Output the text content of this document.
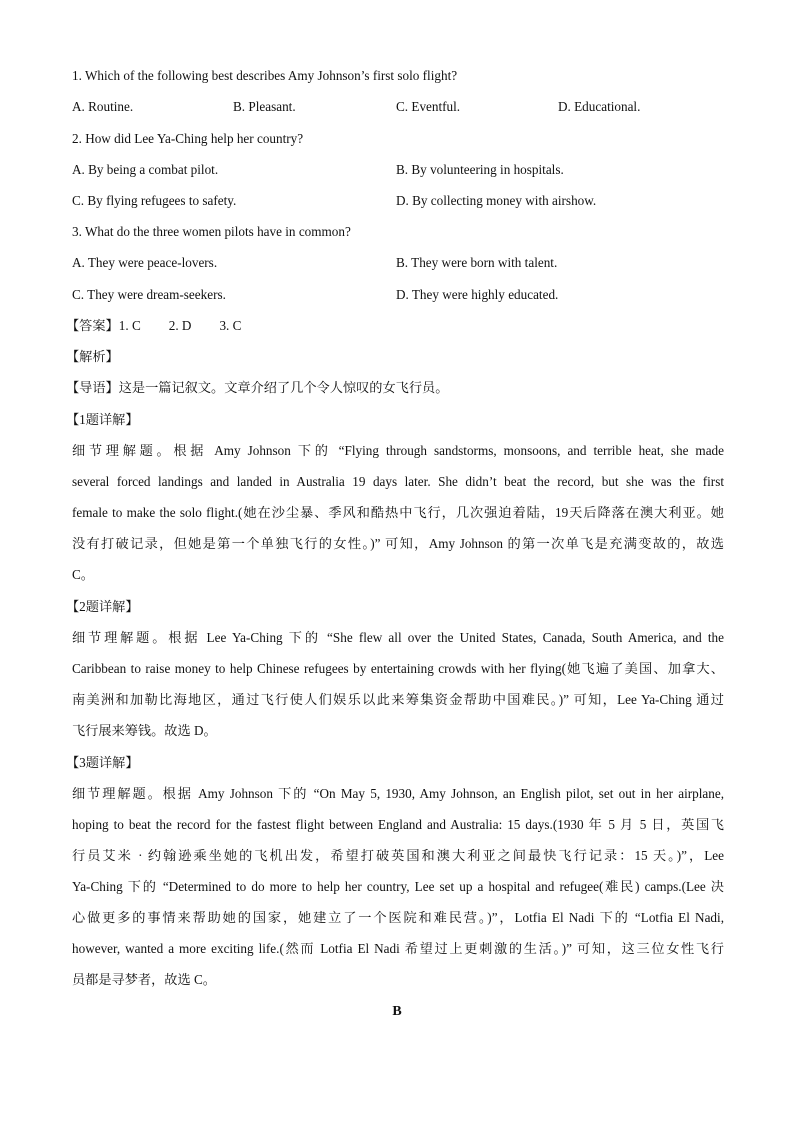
1. Which of the following best describes Amy Johnson’s first solo flight?
A. Routine.	B. Pleasant.	C. Eventful.	D. Educational.
2. How did Lee Ya-Ching help her country?
A. By being a combat pilot.	B. By volunteering in hospitals.
C. By flying refugees to safety.	D. By collecting money with airshow.
3. What do the three women pilots have in common?
A. They were peace-lovers.	B. They were born with talent.
C. They were dream-seekers.	D. They were highly educated.
【答案】1. C 2. D 3. C
【解析】
【导语】这是一篇记叙文。文章介绍了几个令人惊叹的女飞行员。
【1题详解】
细节理解题。根据 Amy Johnson 下的 “Flying through sandstorms, monsoons, and terrible heat, she made
several forced landings and landed in Australia 19 days later. She didn’t beat the record, but she was the first
female to make the solo flight.(她在沙尘暴、季风和酷热中飞行，几次强迫着陆，19天后降落在澳大利亚。她
没有打破记录，但她是第一个单独飞行的女性。)” 可知，Amy Johnson 的第一次单飞是充满变故的，故选
C。
【2题详解】
细节理解题。根据 Lee Ya-Ching 下的 “She flew all over the United States, Canada, South America, and the
Caribbean to raise money to help Chinese refugees by entertaining crowds with her flying(她飞遍了美国、加拿大、
南美洲和加勒比海地区，通过飞行使人们娱乐以此来筹集资金帮助中国难民。)” 可知，Lee Ya-Ching 通过
飞行展来筹钱。故选 D。
【3题详解】
细节理解题。根据 Amy Johnson 下的 “On May 5, 1930, Amy Johnson, an English pilot, set out in her airplane,
hoping to beat the record for the fastest flight between England and Australia: 15 days.(1930 年 5 月 5 日，英国飞
行员艾米 · 约翰逊乘坐她的飞机出发，希望打破英国和澳大利亚之间最快飞行记录：15 天。)”，Lee
Ya-Ching 下的 “Determined to do more to help her country, Lee set up a hospital and refugee(难民) camps.(Lee 决
心做更多的事情来帮助她的国家，她建立了一个医院和难民营。)”，Lotfia El Nadi 下的 “Lotfia El Nadi,
however, wanted a more exciting life.(然而 Lotfia El Nadi 希望过上更刺激的生活。)” 可知，这三位女性飞行
员都是寻梦者，故选 C。
B
